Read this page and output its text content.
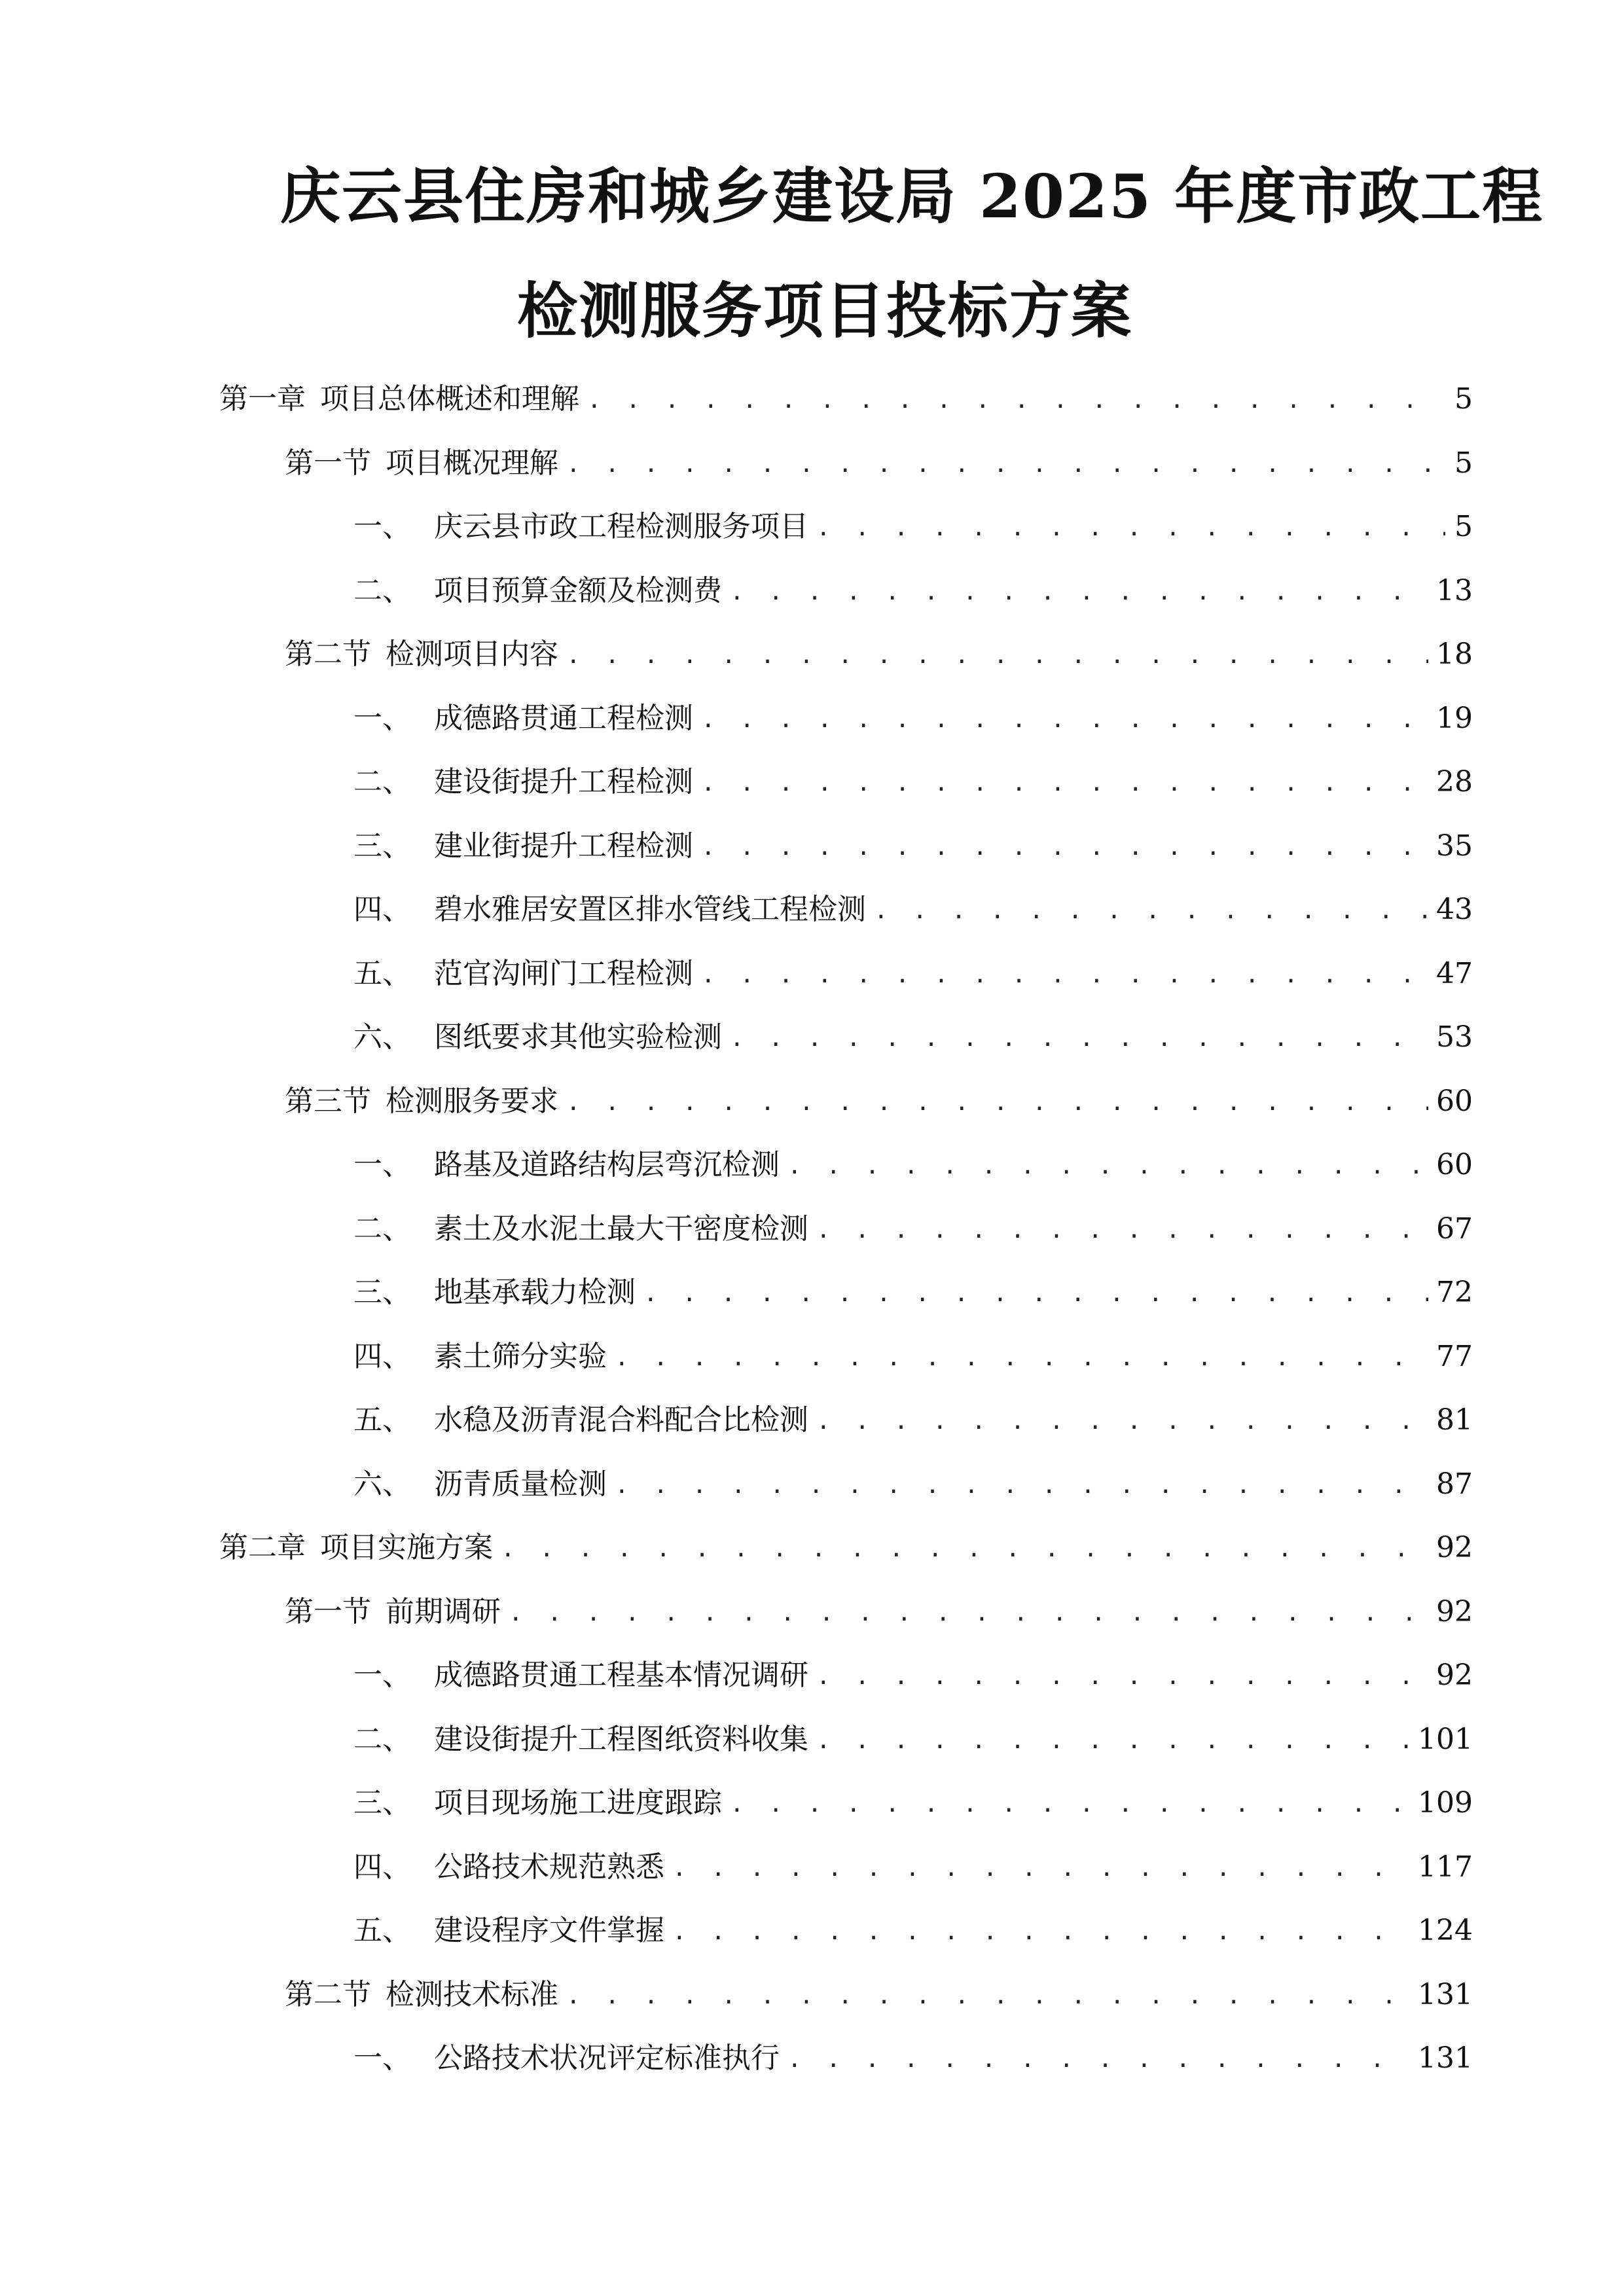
庆云县住房和城乡建设局 2025 年度市政工程
检测服务项目投标方案
第一章 项目总体概述和理解 . . .	5
第一节 项目概况理解 . . .	5
一、 庆云县市政工程检测服务项目 . . .	5
二、 项目预算金额及检测费 . . .	13
第二节 检测项目内容 . . .	18
一、 成德路贯通工程检测 . . .	19
二、 建设街提升工程检测 . . .	28
三、 建业街提升工程检测 . . .	35
四、 碧水雅居安置区排水管线工程检测 . . .	43
五、 范官沟闸门工程检测 . . .	47
六、 图纸要求其他实验检测 . . .	53
第三节 检测服务要求 . . .	60
一、 路基及道路结构层弯沉检测 . . .	60
二、 素土及水泥土最大干密度检测 . . .	67
三、 地基承载力检测 . . .	72
四、 素土筛分实验 . . .	77
五、 水稳及沥青混合料配合比检测 . . .	81
六、 沥青质量检测 . . .	87
第二章 项目实施方案 . . .	92
第一节 前期调研 . . .	92
一、 成德路贯通工程基本情况调研 . . .	92
二、 建设街提升工程图纸资料收集 . . .	101
三、 项目现场施工进度跟踪 . . .	109
四、 公路技术规范熟悉 . . .	117
五、 建设程序文件掌握 . . .	124
第二节 检测技术标准 . . .	131
一、 公路技术状况评定标准执行 . . .	131
